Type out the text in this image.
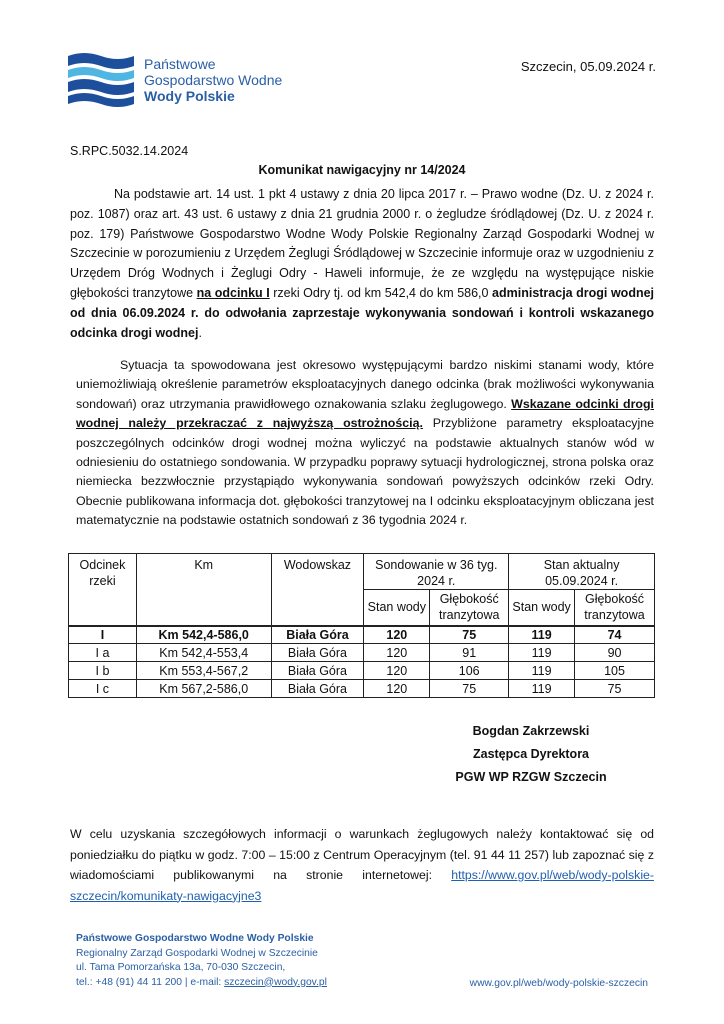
Państwowe
Gospodarstwo Wodne
Wody Polskie
Szczecin, 05.09.2024 r.
S.RPC.5032.14.2024
Komunikat nawigacyjny nr 14/2024
Na podstawie art. 14 ust. 1 pkt 4 ustawy z dnia 20 lipca 2017 r. – Prawo wodne (Dz. U. z 2024 r. poz. 1087) oraz art. 43 ust. 6 ustawy z dnia 21 grudnia 2000 r. o żegludze śródlądowej (Dz. U. z 2024 r. poz. 179) Państwowe Gospodarstwo Wodne Wody Polskie Regionalny Zarząd Gospodarki Wodnej w Szczecinie w porozumieniu z Urzędem Żeglugi Śródlądowej w Szczecinie informuje oraz w uzgodnieniu z Urzędem Dróg Wodnych i Żeglugi Odry - Haweli informuje, że ze względu na występujące niskie głębokości tranzytowe na odcinku I rzeki Odry tj. od km 542,4 do km 586,0 administracja drogi wodnej od dnia 06.09.2024 r. do odwołania zaprzestaje wykonywania sondowań i kontroli wskazanego odcinka drogi wodnej.
Sytuacja ta spowodowana jest okresowo występującymi bardzo niskimi stanami wody, które uniemożliwiają określenie parametrów eksploatacyjnych danego odcinka (brak możliwości wykonywania sondowań) oraz utrzymania prawidłowego oznakowania szlaku żeglugowego. Wskazane odcinki drogi wodnej należy przekraczać z najwyższą ostrożnością. Przybliżone parametry eksploatacyjne poszczególnych odcinków drogi wodnej można wyliczyć na podstawie aktualnych stanów wód w odniesieniu do ostatniego sondowania. W przypadku poprawy sytuacji hydrologicznej, strona polska oraz niemiecka bezzwłocznie przystąpiądo wykonywania sondowań powyższych odcinków rzeki Odry. Obecnie publikowana informacja dot. głębokości tranzytowej na I odcinku eksploatacyjnym obliczana jest matematycznie na podstawie ostatnich sondowań z 36 tygodnia 2024 r.
Odcinek rzeki	Km	Wodowskaz	Sondowanie w 36 tyg. 2024 r.		Stan aktualny 05.09.2024 r.	
			Stan wody	Głębokość tranzytowa	Stan wody	Głębokość tranzytowa
I	Km 542,4-586,0	Biała Góra	120	75	119	74
I a	Km 542,4-553,4	Biała Góra	120	91	119	90
I b	Km 553,4-567,2	Biała Góra	120	106	119	105
I c	Km 567,2-586,0	Biała Góra	120	75	119	75
Bogdan Zakrzewski
Zastępca Dyrektora
PGW WP RZGW Szczecin
W celu uzyskania szczegółowych informacji o warunkach żeglugowych należy kontaktować się od poniedziałku do piątku w godz. 7:00 – 15:00 z Centrum Operacyjnym (tel. 91 44 11 257) lub zapoznać się z wiadomościami publikowanymi na stronie internetowej: https://www.gov.pl/web/wody-polskie-szczecin/komunikaty-nawigacyjne3
Państwowe Gospodarstwo Wodne Wody Polskie
Regionalny Zarząd Gospodarki Wodnej w Szczecinie
ul. Tama Pomorzańska 13a, 70-030 Szczecin,
tel.: +48 (91) 44 11 200 | e-mail: szczecin@wody.gov.pl	www.gov.pl/web/wody-polskie-szczecin
